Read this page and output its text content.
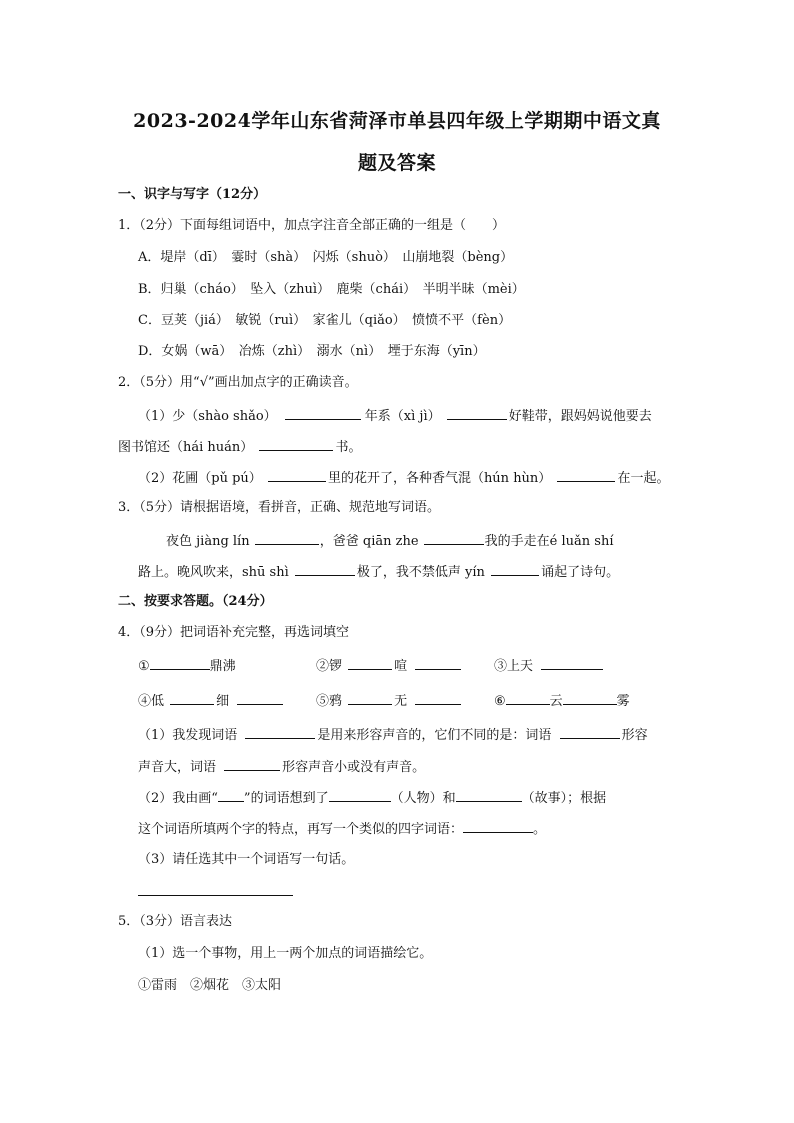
2023-2024学年山东省菏泽市单县四年级上学期期中语文真
题及答案
一、识字与写字（12分）
1．（2分）下面每组词语中，加点字注音全部正确的一组是（　　）
A．堤岸（dī）　霎时（shà）　闪烁（shuò）　山崩地裂（bèng）
B．归巢（cháo）　坠入（zhuì）　鹿柴（chái）　半明半昧（mèi）
C．豆荚（jiá）　敏锐（ruì）　家雀儿（qiǎo）　愤愤不平（fèn）
D．女娲（wā）　冶炼（zhì）　溺水（nì）　堙于东海（yīn）
2．（5分）用“√”画出加点字的正确读音。
（1）少（shào shǎo）	年系（xì jì）	好鞋带，跟妈妈说他要去
图书馆还（hái huán）	书。
（2）花圃（pǔ pú）	里的花开了，各种香气混（hún hùn）	在一起。
3．（5分）请根据语境，看拼音，正确、规范地写词语。
夜色 jiàng lín	，爸爸 qiān zhe	我的手走在é luǎn shí
路上。晚风吹来，shū shì	极了，我不禁低声 yín	诵起了诗句。
二、按要求答题。（24分）
4．（9分）把词语补充完整，再选词填空
①	鼎沸	②锣	喧	③上天
④低	细	⑤鸦	无	⑥	云	雾
（1）我发现词语	是用来形容声音的，它们不同的是：词语	形容
声音大，词语	形容声音小或没有声音。
（2）我由画“ ”的词语想到了	（人物）和	（故事）；根据
这个词语所填两个字的特点，再写一个类似的四字词语：	。
（3）请任选其中一个词语写一句话。
5．（3分）语言表达
（1）选一个事物，用上一两个加点的词语描绘它。
①雷雨　②烟花　③太阳
